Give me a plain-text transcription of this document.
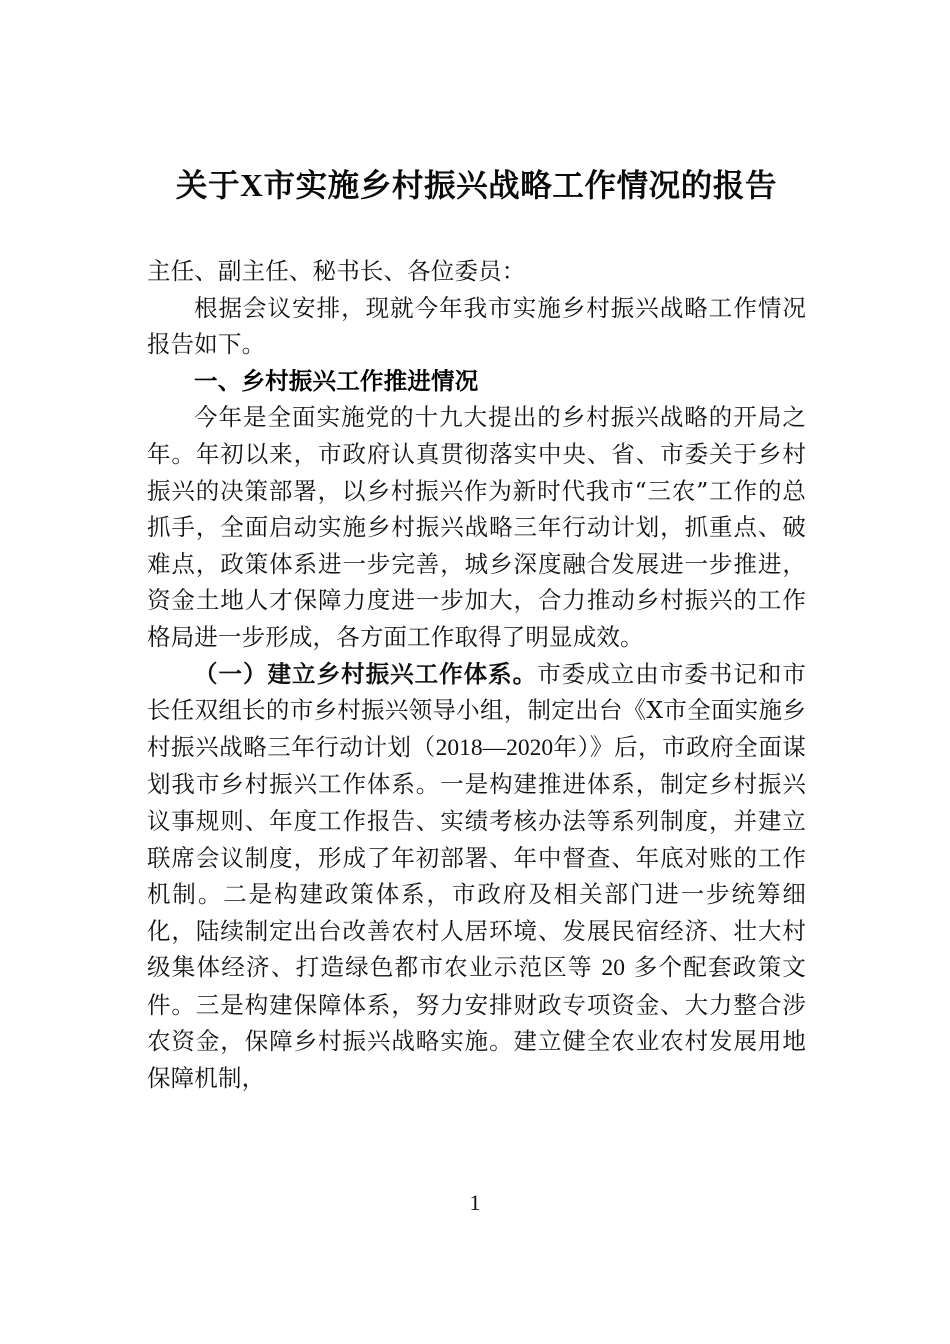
关于X市实施乡村振兴战略工作情况的报告

主任、副主任、秘书长、各位委员：

根据会议安排，现就今年我市实施乡村振兴战略工作情况报告如下。

一、乡村振兴工作推进情况

今年是全面实施党的十九大提出的乡村振兴战略的开局之年。年初以来，市政府认真贯彻落实中央、省、市委关于乡村振兴的决策部署，以乡村振兴作为新时代我市“三农”工作的总抓手，全面启动实施乡村振兴战略三年行动计划，抓重点、破难点，政策体系进一步完善，城乡深度融合发展进一步推进，资金土地人才保障力度进一步加大，合力推动乡村振兴的工作格局进一步形成，各方面工作取得了明显成效。

（一）建立乡村振兴工作体系。市委成立由市委书记和市长任双组长的市乡村振兴领导小组，制定出台《X市全面实施乡村振兴战略三年行动计划（2018—2020年）》后，市政府全面谋划我市乡村振兴工作体系。一是构建推进体系，制定乡村振兴议事规则、年度工作报告、实绩考核办法等系列制度，并建立联席会议制度，形成了年初部署、年中督查、年底对账的工作机制。二是构建政策体系，市政府及相关部门进一步统筹细化，陆续制定出台改善农村人居环境、发展民宿经济、壮大村级集体经济、打造绿色都市农业示范区等 20 多个配套政策文件。三是构建保障体系，努力安排财政专项资金、大力整合涉农资金，保障乡村振兴战略实施。建立健全农业农村发展用地保障机制，

1
